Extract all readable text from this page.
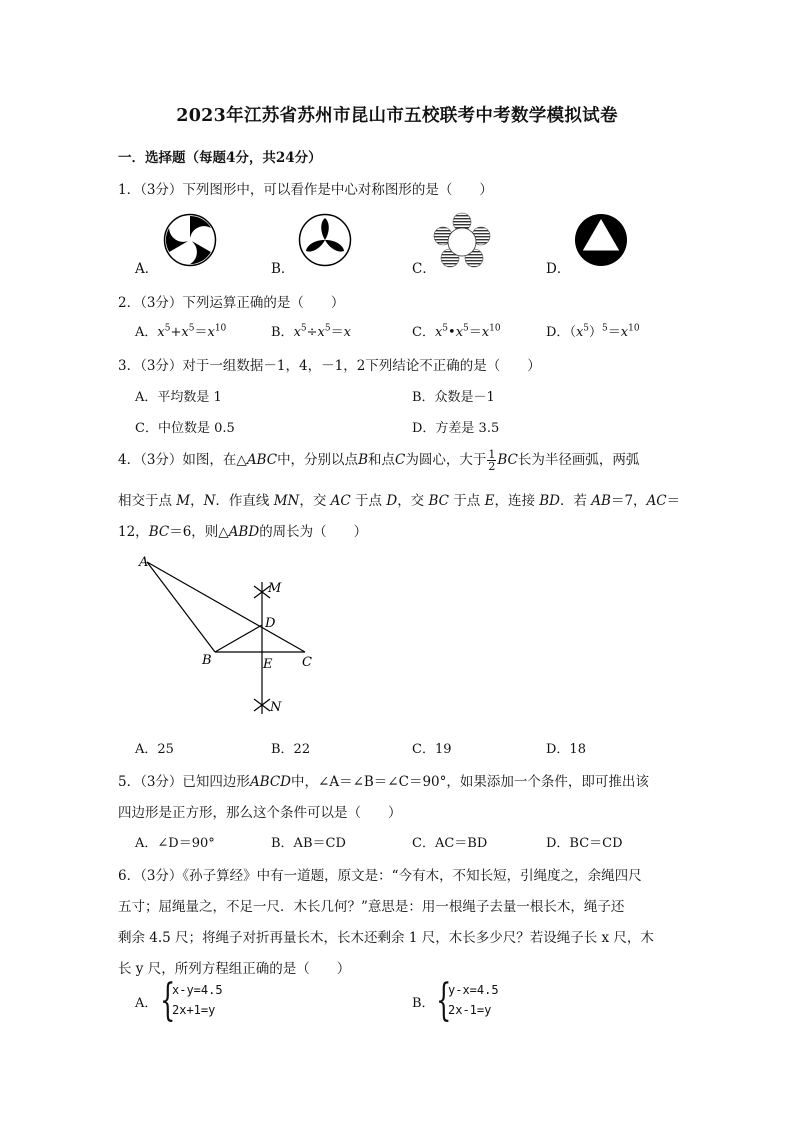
2023年江苏省苏州市昆山市五校联考中考数学模拟试卷
一．选择题（每题4分，共24分）
1．（3分）下列图形中，可以看作是中心对称图形的是（　　）
A．	B．	C．	D．
2．（3分）下列运算正确的是（　　）
A．$x^5+x^5=x^{10}$	B．$x^5\div x^5=x$	C．$x^5•x^5=x^{10}$	D．$(x^5)^5=x^{10}$
3．（3分）对于一组数据－1，4，－1，2下列结论不正确的是（　　）
A．平均数是 1	B．众数是－1
C．中位数是 0.5	D．方差是 3.5
4．（3分）如图，在△ABC中，分别以点B和点C为圆心，大于 $\frac{1}{2}$ BC长为半径画弧，两弧
相交于点 M，N．作直线 MN，交 AC 于点 D，交 BC 于点 E，连接 BD．若 AB＝7，AC＝
12，BC＝6，则△ABD的周长为（　　）
A
B	C
D
E
M
N
A．25	B．22	C．19	D．18
5．（3分）已知四边形ABCD中，∠A＝∠B＝∠C＝90°，如果添加一个条件，即可推出该
四边形是正方形，那么这个条件可以是（　　）
A．∠D＝90°	B．AB＝CD	C．AC＝BD	D．BC＝CD
6．（3分）《孙子算经》中有一道题，原文是：“今有木，不知长短，引绳度之，余绳四尺
五寸；屈绳量之，不足一尺．木长几何？”意思是：用一根绳子去量一根长木，绳子还
剩余 4.5 尺；将绳子对折再量长木，长木还剩余 1 尺，木长多少尺？若设绳子长 x 尺，木
长 y 尺，所列方程组正确的是（　　）
A． {
x-y=4.5
2x+1=y	B． {
y-x=4.5
2x-1=y
